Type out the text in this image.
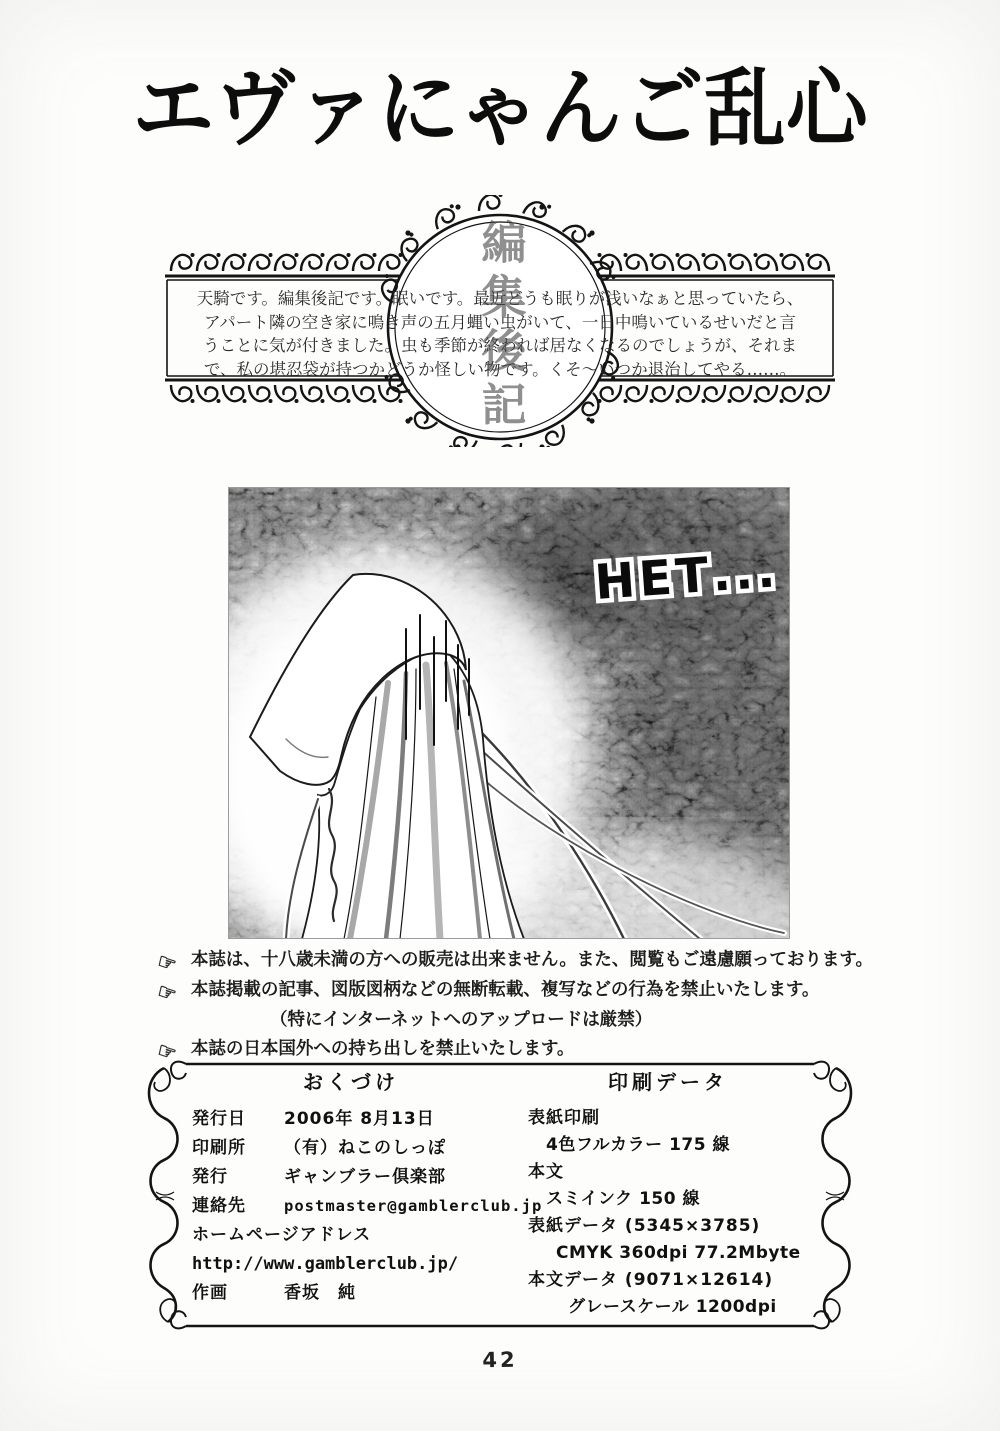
エヴァにゃんご乱心
天騎です。編集後記です。眠いです。最近どうも眠りが浅いなぁと思っていたら、
アパート隣の空き家に鳴き声の五月蝿い虫がいて、一日中鳴いているせいだと言
うことに気が付きました。虫も季節が終われば居なくなるのでしょうが、それま
で、私の堪忍袋が持つかどうか怪しい物です。くそ〜いつか退治してやる……。
編集後記
НЕТ...
☞ 本誌は、十八歳未満の方への販売は出来ません。また、閲覧もご遠慮願っております。
☞ 本誌掲載の記事、図版図柄などの無断転載、複写などの行為を禁止いたします。
（特にインターネットへのアップロードは厳禁）
☞ 本誌の日本国外への持ち出しを禁止いたします。
おくづけ
発行日	2006年 8月13日
印刷所	（有）ねこのしっぽ
発行	ギャンブラー倶楽部
連絡先	postmaster@gamblerclub.jp
ホームページアドレス
http://www.gamblerclub.jp/
作画	香坂　純
印刷データ
表紙印刷
4色フルカラー 175 線
本文
スミインク 150 線
表紙データ (5345×3785)
CMYK 360dpi 77.2Mbyte
本文データ (9071×12614)
グレースケール 1200dpi
42
